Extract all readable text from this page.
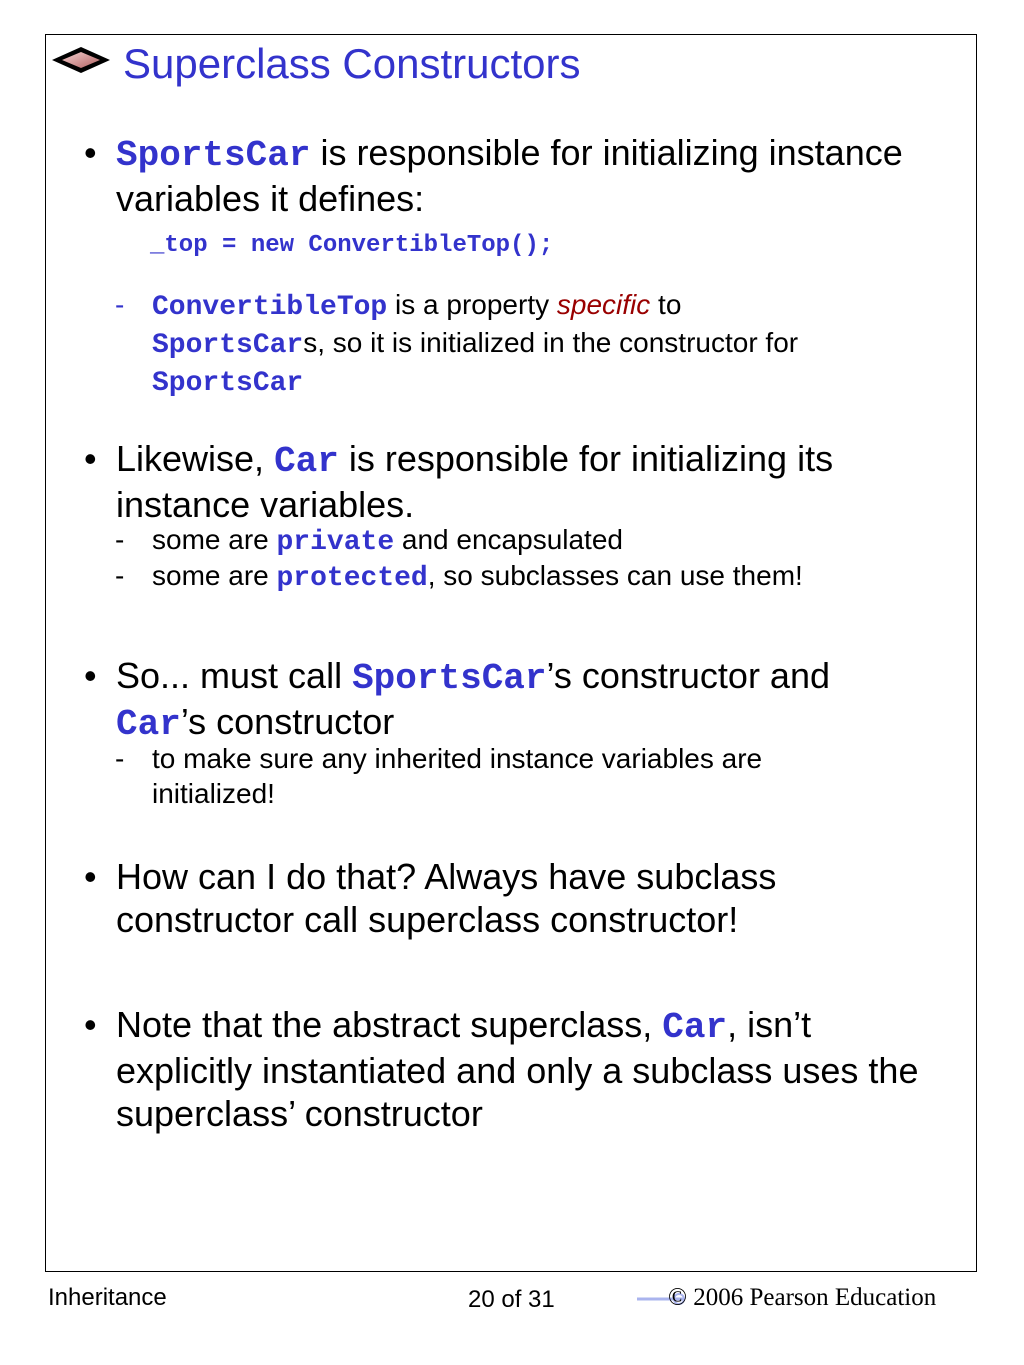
Superclass Constructors
• SportsCar is responsible for initializing instance variables it defines:
_top = new ConvertibleTop();
- ConvertibleTop is a property specific to
SportsCars, so it is initialized in the constructor for
SportsCar
• Likewise, Car is responsible for initializing its instance variables.
- some are private and encapsulated
- some are protected, so subclasses can use them!
• So... must call SportsCar’s constructor and
Car’s constructor
- to make sure any inherited instance variables are initialized!
• How can I do that? Always have subclass constructor call superclass constructor!
• Note that the abstract superclass, Car, isn’t explicitly instantiated and only a subclass uses the superclass’ constructor
Inheritance	20 of 31	© 2006 Pearson Education
